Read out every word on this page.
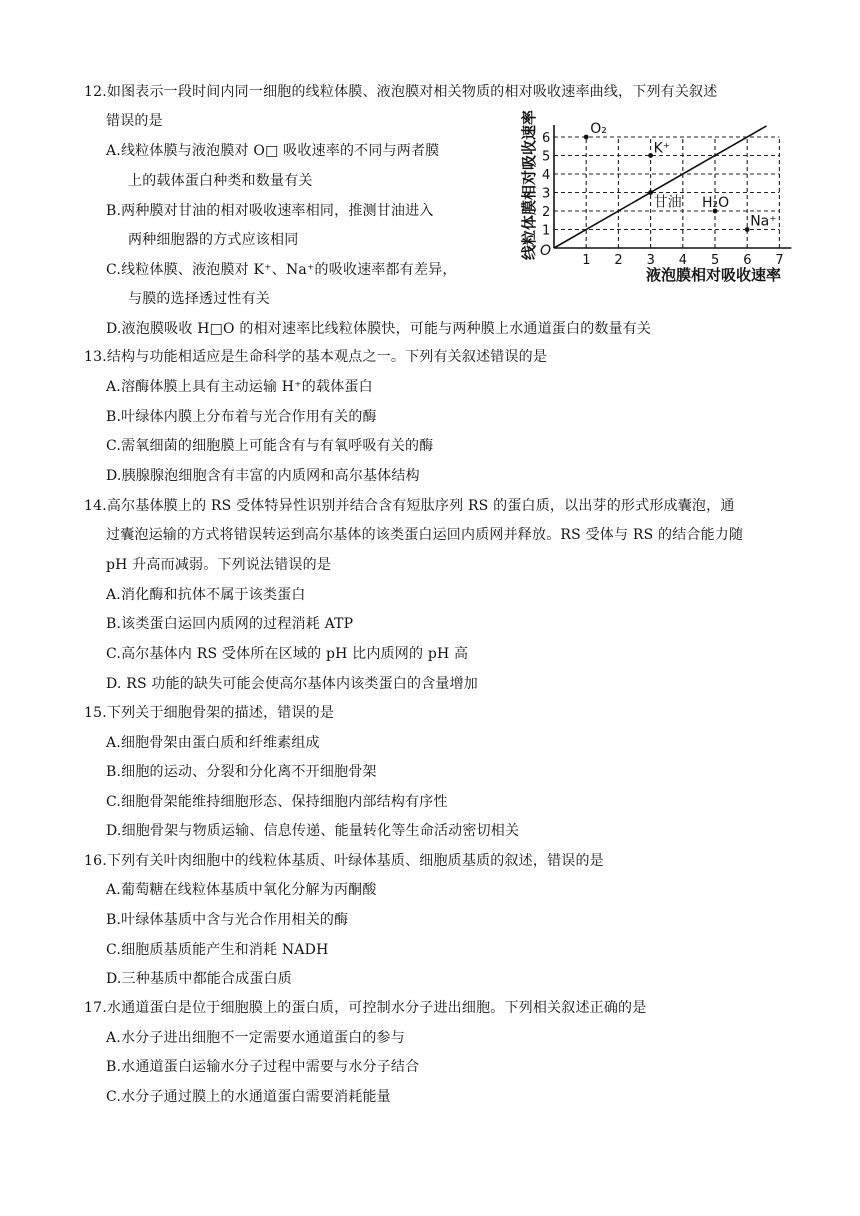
12.如图表示一段时间内同一细胞的线粒体膜、液泡膜对相关物质的相对吸收速率曲线，下列有关叙述
错误的是
A.线粒体膜与液泡膜对 O□ 吸收速率的不同与两者膜
上的载体蛋白种类和数量有关
B.两种膜对甘油的相对吸收速率相同，推测甘油进入
两种细胞器的方式应该相同
C.线粒体膜、液泡膜对 K⁺、Na⁺的吸收速率都有差异，
与膜的选择透过性有关
D.液泡膜吸收 H□O 的相对速率比线粒体膜快，可能与两种膜上水通道蛋白的数量有关
O₂
K⁺
甘油 H₂O
Na⁺
1 2 3 4 5 6 7
1
2
3
4
5
6
O
液泡膜相对吸收速率
线粒体膜相对吸收速率
13.结构与功能相适应是生命科学的基本观点之一。下列有关叙述错误的是
A.溶酶体膜上具有主动运输 H⁺的载体蛋白
B.叶绿体内膜上分布着与光合作用有关的酶
C.需氧细菌的细胞膜上可能含有与有氧呼吸有关的酶
D.胰腺腺泡细胞含有丰富的内质网和高尔基体结构
14.高尔基体膜上的 RS 受体特异性识别并结合含有短肽序列 RS 的蛋白质，以出芽的形式形成囊泡，通
过囊泡运输的方式将错误转运到高尔基体的该类蛋白运回内质网并释放。RS 受体与 RS 的结合能力随
pH 升高而减弱。下列说法错误的是
A.消化酶和抗体不属于该类蛋白
B.该类蛋白运回内质网的过程消耗 ATP
C.高尔基体内 RS 受体所在区域的 pH 比内质网的 pH 高
D. RS 功能的缺失可能会使高尔基体内该类蛋白的含量增加
15.下列关于细胞骨架的描述，错误的是
A.细胞骨架由蛋白质和纤维素组成
B.细胞的运动、分裂和分化离不开细胞骨架
C.细胞骨架能维持细胞形态、保持细胞内部结构有序性
D.细胞骨架与物质运输、信息传递、能量转化等生命活动密切相关
16.下列有关叶肉细胞中的线粒体基质、叶绿体基质、细胞质基质的叙述，错误的是
A.葡萄糖在线粒体基质中氧化分解为丙酮酸
B.叶绿体基质中含与光合作用相关的酶
C.细胞质基质能产生和消耗 NADH
D.三种基质中都能合成蛋白质
17.水通道蛋白是位于细胞膜上的蛋白质，可控制水分子进出细胞。下列相关叙述正确的是
A.水分子进出细胞不一定需要水通道蛋白的参与
B.水通道蛋白运输水分子过程中需要与水分子结合
C.水分子通过膜上的水通道蛋白需要消耗能量
